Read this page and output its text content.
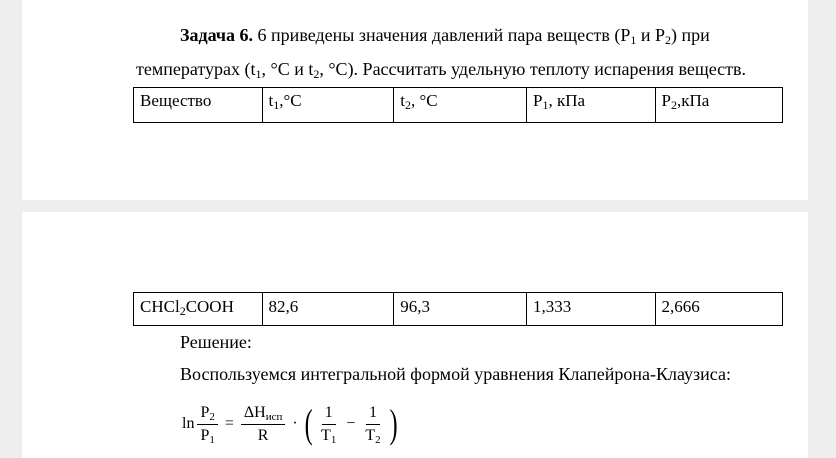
Задача 6. 6 приведены значения давлений пара веществ ($P_1$ и $P_2$) при
температурах ($t_1$, °C и $t_2$, °C). Рассчитать удельную теплоту испарения веществ.
Вещество	$t_1,^\circ C$	$t_2$, °C	$P_1$, кПа	$P_2,кПа$
CHCl$_2$COOH	82,6	96,3	1,333	2,666
Решение:
Воспользуемся интегральной формой уравнения Клапейрона-Клаузиса:
$\ln \frac{P_2}{P_1} = \frac{\Delta H_{исп}}{R}$ · ( $\frac{1}{T_1} - \frac{1}{T_2}$ )
